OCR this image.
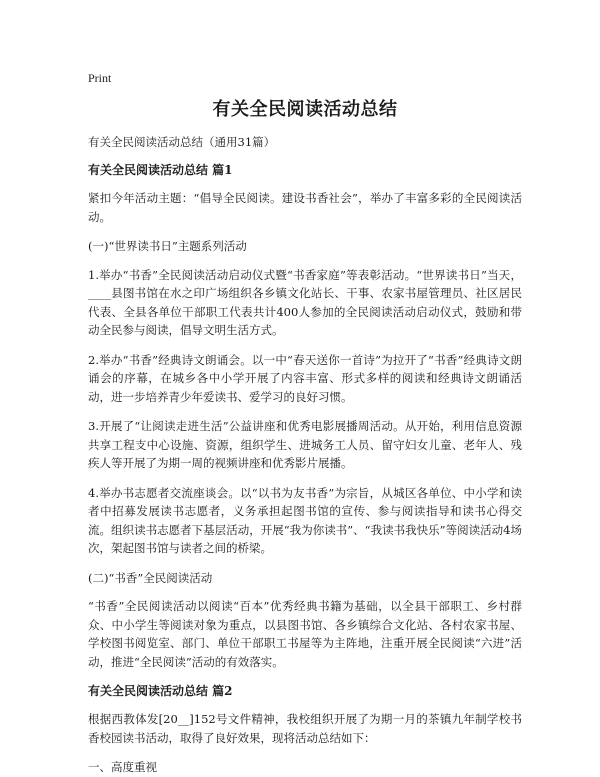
Print
有关全民阅读活动总结

有关全民阅读活动总结（通用31篇）

有关全民阅读活动总结 篇1

紧扣今年活动主题：“倡导全民阅读。建设书香社会”，举办了丰富多彩的全民阅读活动。

(一)“世界读书日”主题系列活动

1.举办“书香”全民阅读活动启动仪式暨“书香家庭”等表彰活动。“世界读书日”当天，____县图书馆在水之印广场组织各乡镇文化站长、干事、农家书屋管理员、社区居民代表、全县各单位干部职工代表共计400人参加的全民阅读活动启动仪式，鼓励和带动全民参与阅读，倡导文明生活方式。

2.举办“书香”经典诗文朗诵会。以一中“春天送你一首诗”为拉开了“书香”经典诗文朗诵会的序幕，在城乡各中小学开展了内容丰富、形式多样的阅读和经典诗文朗诵活动，进一步培养青少年爱读书、爱学习的良好习惯。

3.开展了“让阅读走进生活”公益讲座和优秀电影展播周活动。从开始，利用信息资源共享工程支中心设施、资源，组织学生、进城务工人员、留守妇女儿童、老年人、残疾人等开展了为期一周的视频讲座和优秀影片展播。

4.举办书志愿者交流座谈会。以“以书为友书香”为宗旨，从城区各单位、中小学和读者中招募发展读书志愿者，义务承担起图书馆的宣传、参与阅读指导和读书心得交流。组织读书志愿者下基层活动，开展“我为你读书”、“我读书我快乐”等阅读活动4场次，架起图书馆与读者之间的桥梁。

(二)“书香”全民阅读活动

“书香”全民阅读活动以阅读“百本”优秀经典书籍为基础，以全县干部职工、乡村群众、中小学生等阅读对象为重点，以县图书馆、各乡镇综合文化站、各村农家书屋、学校图书阅览室、部门、单位干部职工书屋等为主阵地，注重开展全民阅读“六进”活动，推进“全民阅读”活动的有效落实。

有关全民阅读活动总结 篇2

根据西教体发[20__]152号文件精神，我校组织开展了为期一月的茶镇九年制学校书香校园读书活动，取得了良好效果，现将活动总结如下：

一、高度重视
